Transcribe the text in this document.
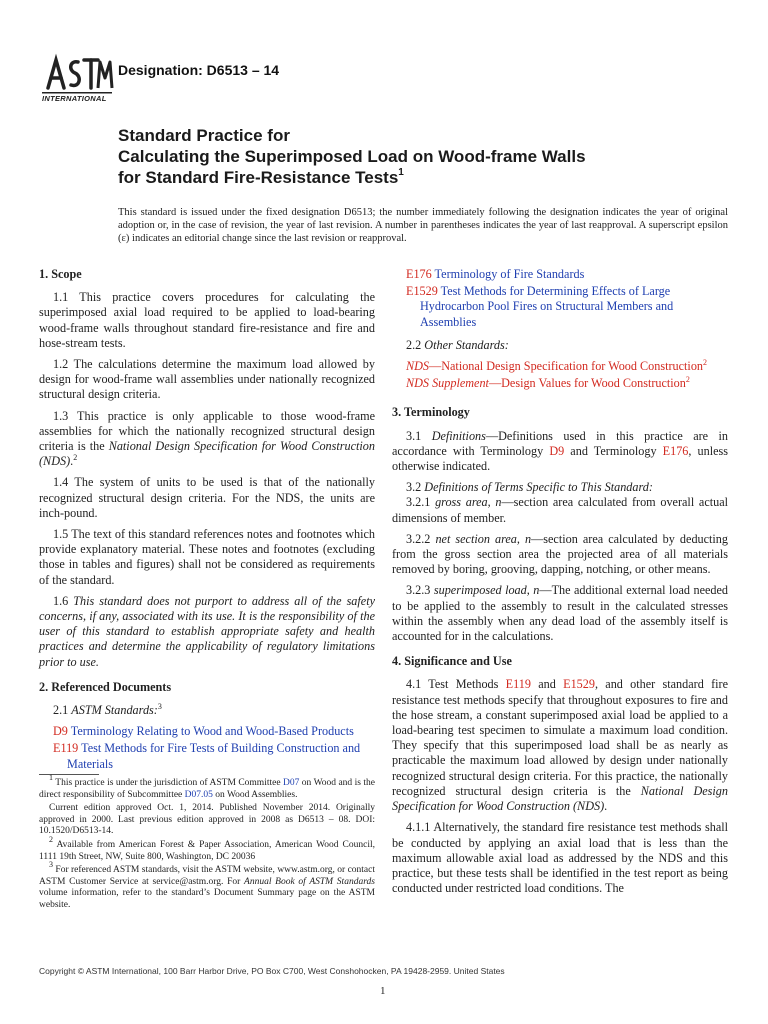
INTERNATIONAL
Designation: D6513 – 14
Standard Practice for
Calculating the Superimposed Load on Wood-frame Walls
for Standard Fire-Resistance Tests$^1$
This standard is issued under the fixed designation D6513; the number immediately following the designation indicates the year of original adoption or, in the case of revision, the year of last revision. A number in parentheses indicates the year of last reapproval. A superscript epsilon (ε) indicates an editorial change since the last revision or reapproval.

1. Scope

1.1 This practice covers procedures for calculating the superimposed axial load required to be applied to load-bearing wood-frame walls throughout standard fire-resistance and fire and hose-stream tests.

1.2 The calculations determine the maximum load allowed by design for wood-frame wall assemblies under nationally recognized structural design criteria.

1.3 This practice is only applicable to those wood-frame assemblies for which the nationally recognized structural design criteria is the National Design Specification for Wood Construction (NDS).$^2$

1.4 The system of units to be used is that of the nationally recognized structural design criteria. For the NDS, the units are inch-pound.

1.5 The text of this standard references notes and footnotes which provide explanatory material. These notes and footnotes (excluding those in tables and figures) shall not be considered as requirements of the standard.

1.6 This standard does not purport to address all of the safety concerns, if any, associated with its use. It is the responsibility of the user of this standard to establish appropriate safety and health practices and determine the applicability of regulatory limitations prior to use.

2. Referenced Documents

2.1 ASTM Standards:$^3$

D9 Terminology Relating to Wood and Wood-Based Products

E119 Test Methods for Fire Tests of Building Construction and Materials

$^1$ This practice is under the jurisdiction of ASTM Committee D07 on Wood and is the direct responsibility of Subcommittee D07.05 on Wood Assemblies.

Current edition approved Oct. 1, 2014. Published November 2014. Originally approved in 2000. Last previous edition approved in 2008 as D6513 – 08. DOI: 10.1520/D6513-14.

$^2$ Available from American Forest & Paper Association, American Wood Council, 1111 19th Street, NW, Suite 800, Washington, DC 20036

$^3$ For referenced ASTM standards, visit the ASTM website, www.astm.org, or contact ASTM Customer Service at service@astm.org. For Annual Book of ASTM Standards volume information, refer to the standard’s Document Summary page on the ASTM website.

E176 Terminology of Fire Standards

E1529 Test Methods for Determining Effects of Large Hydrocarbon Pool Fires on Structural Members and Assemblies

2.2 Other Standards:

NDS—National Design Specification for Wood Construction$^2$

NDS Supplement—Design Values for Wood Construction$^2$

3. Terminology

3.1 Definitions—Definitions used in this practice are in accordance with Terminology D9 and Terminology E176, unless otherwise indicated.

3.2 Definitions of Terms Specific to This Standard:

3.2.1 gross area, n—section area calculated from overall actual dimensions of member.

3.2.2 net section area, n—section area calculated by deducting from the gross section area the projected area of all materials removed by boring, grooving, dapping, notching, or other means.

3.2.3 superimposed load, n—The additional external load needed to be applied to the assembly to result in the calculated stresses within the assembly when any dead load of the assembly itself is accounted for in the calculations.

4. Significance and Use

4.1 Test Methods E119 and E1529, and other standard fire resistance test methods specify that throughout exposures to fire and the hose stream, a constant superimposed axial load be applied to a load-bearing test specimen to simulate a maximum load condition. They specify that this superimposed load shall be as nearly as practicable the maximum load allowed by design under nationally recognized structural design criteria. For this practice, the nationally recognized structural design criteria is the National Design Specification for Wood Construction (NDS).

4.1.1 Alternatively, the standard fire resistance test methods shall be conducted by applying an axial load that is less than the maximum allowable axial load as addressed by the NDS and this practice, but these tests shall be identified in the test report as being conducted under restricted load conditions. The

Copyright © ASTM International, 100 Barr Harbor Drive, PO Box C700, West Conshohocken, PA 19428-2959. United States
1
